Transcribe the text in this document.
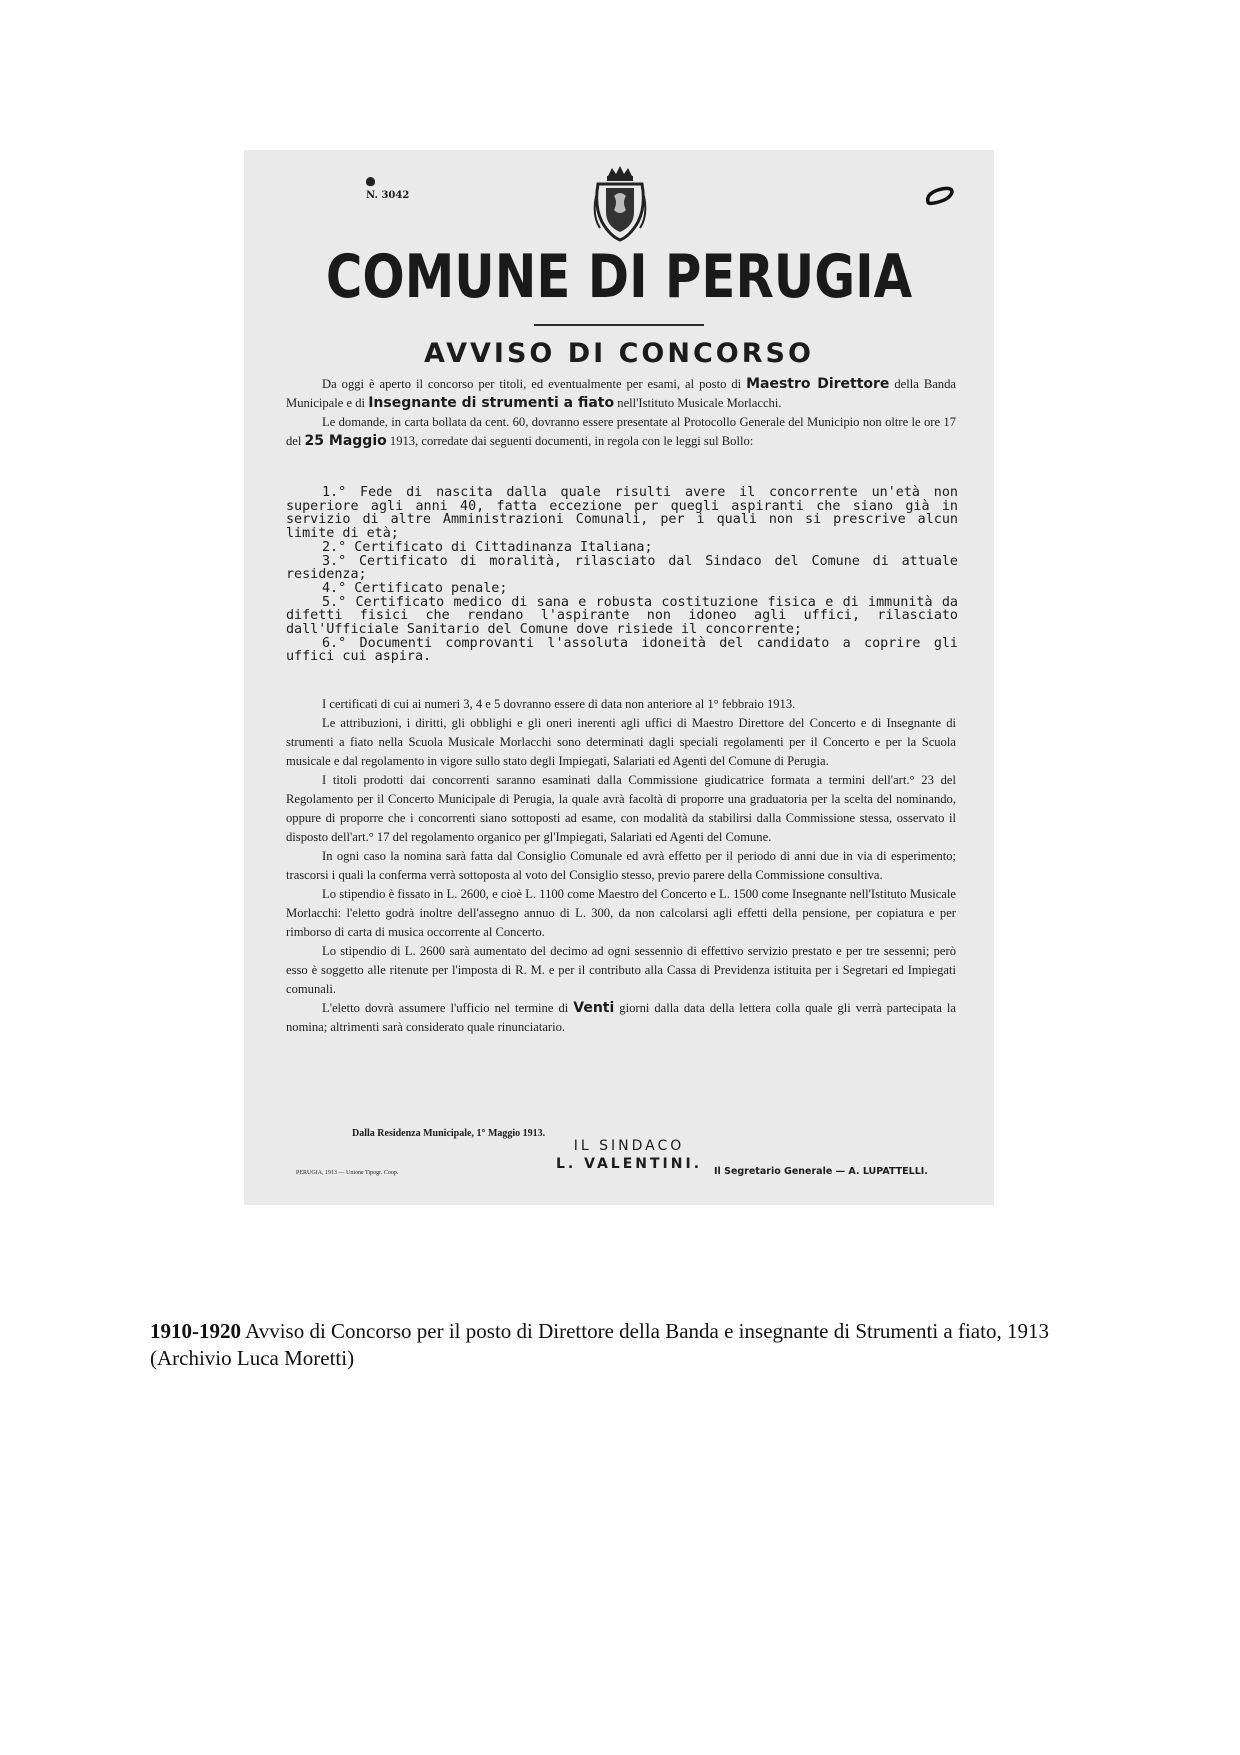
N. 3042
COMUNE DI PERUGIA
AVVISO DI CONCORSO

Da oggi è aperto il concorso per titoli, ed eventualmente per esami, al posto di Maestro Direttore della Banda Municipale e di Insegnante di strumenti a fiato nell'Istituto Musicale Morlacchi.

Le domande, in carta bollata da cent. 60, dovranno essere presentate al Protocollo Generale del Municipio non oltre le ore 17 del 25 Maggio 1913, corredate dai seguenti documenti, in regola con le leggi sul Bollo:

1.° Fede di nascita dalla quale risulti avere il concorrente un'età non superiore agli anni 40, fatta eccezione per quegli aspiranti che siano già in servizio di altre Amministrazioni Comunali, per i quali non si prescrive alcun limite di età;

2.° Certificato di Cittadinanza Italiana;

3.° Certificato di moralità, rilasciato dal Sindaco del Comune di attuale residenza;

4.° Certificato penale;

5.° Certificato medico di sana e robusta costituzione fisica e di immunità da difetti fisici che rendano l'aspirante non idoneo agli uffici, rilasciato dall'Ufficiale Sanitario del Comune dove risiede il concorrente;

6.° Documenti comprovanti l'assoluta idoneità del candidato a coprire gli uffici cui aspira.

I certificati di cui ai numeri 3, 4 e 5 dovranno essere di data non anteriore al 1° febbraio 1913.

Le attribuzioni, i diritti, gli obblighi e gli oneri inerenti agli uffici di Maestro Direttore del Concerto e di Insegnante di strumenti a fiato nella Scuola Musicale Morlacchi sono determinati dagli speciali regolamenti per il Concerto e per la Scuola musicale e dal regolamento in vigore sullo stato degli Impiegati, Salariati ed Agenti del Comune di Perugia.

I titoli prodotti dai concorrenti saranno esaminati dalla Commissione giudicatrice formata a termini dell'art.° 23 del Regolamento per il Concerto Municipale di Perugia, la quale avrà facoltà di proporre una graduatoria per la scelta del nominando, oppure di proporre che i concorrenti siano sottoposti ad esame, con modalità da stabilirsi dalla Commissione stessa, osservato il disposto dell'art.° 17 del regolamento organico per gl'Impiegati, Salariati ed Agenti del Comune.

In ogni caso la nomina sarà fatta dal Consiglio Comunale ed avrà effetto per il periodo di anni due in via di esperimento; trascorsi i quali la conferma verrà sottoposta al voto del Consiglio stesso, previo parere della Commissione consultiva.

Lo stipendio è fissato in L. 2600, e cioè L. 1100 come Maestro del Concerto e L. 1500 come Insegnante nell'Istituto Musicale Morlacchi: l'eletto godrà inoltre dell'assegno annuo di L. 300, da non calcolarsi agli effetti della pensione, per copiatura e per rimborso di carta di musica occorrente al Concerto.

Lo stipendio di L. 2600 sarà aumentato del decimo ad ogni sessennio di effettivo servizio prestato e per tre sessenni; però esso è soggetto alle ritenute per l'imposta di R. M. e per il contributo alla Cassa di Previdenza istituita per i Segretari ed Impiegati comunali.

L'eletto dovrà assumere l'ufficio nel termine di Venti giorni dalla data della lettera colla quale gli verrà partecipata la nomina; altrimenti sarà considerato quale rinunciatario.

Dalla Residenza Municipale, 1° Maggio 1913.
IL SINDACO
L. VALENTINI.
PERUGIA, 1913 — Unione Tipogr. Coop.	Il Segretario Generale — A. LUPATTELLI.
1910-1920 Avviso di Concorso per il posto di Direttore della Banda e insegnante di Strumenti a fiato, 1913 (Archivio Luca Moretti)
